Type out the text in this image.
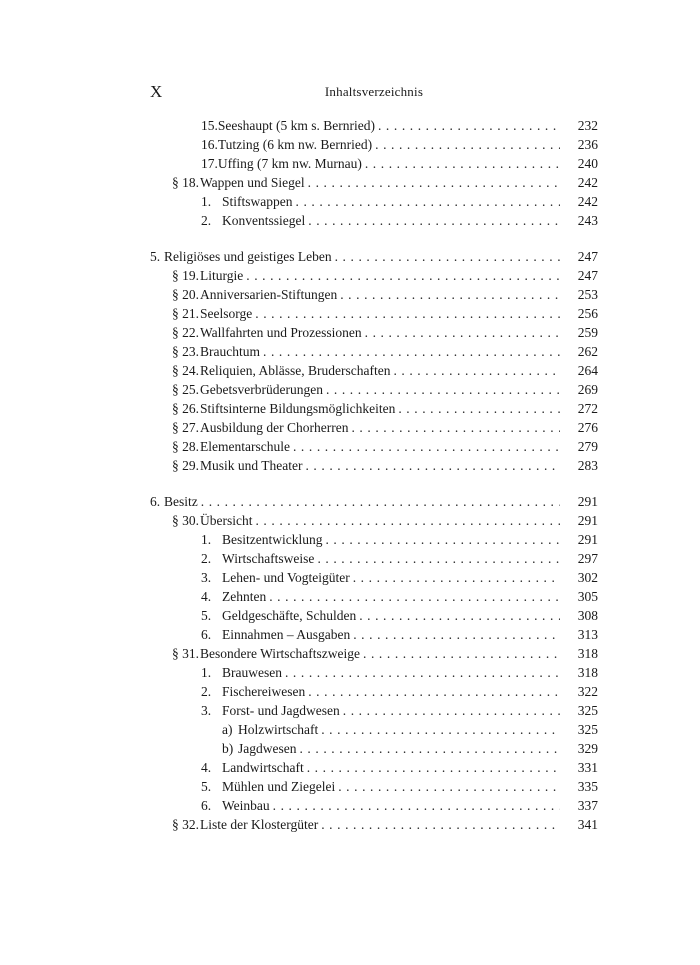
X	Inhaltsverzeichnis
15. Seeshaupt (5 km s. Bernried) . . .	232
16. Tutzing (6 km nw. Bernried) . . .	236
17. Uffing (7 km nw. Murnau) . . .	240
§ 18. Wappen und Siegel . . .	242
1. Stiftswappen . . .	242
2. Konventssiegel . . .	243
5. Religiöses und geistiges Leben . . .	247
§ 19. Liturgie . . .	247
§ 20. Anniversarien-Stiftungen . . .	253
§ 21. Seelsorge . . .	256
§ 22. Wallfahrten und Prozessionen . . .	259
§ 23. Brauchtum . . .	262
§ 24. Reliquien, Ablässe, Bruderschaften . . .	264
§ 25. Gebetsverbrüderungen . . .	269
§ 26. Stiftsinterne Bildungsmöglichkeiten . . .	272
§ 27. Ausbildung der Chorherren . . .	276
§ 28. Elementarschule . . .	279
§ 29. Musik und Theater . . .	283
6. Besitz . . .	291
§ 30. Übersicht . . .	291
1. Besitzentwicklung . . .	291
2. Wirtschaftsweise . . .	297
3. Lehen- und Vogteigüter . . .	302
4. Zehnten . . .	305
5. Geldgeschäfte, Schulden . . .	308
6. Einnahmen – Ausgaben . . .	313
§ 31. Besondere Wirtschaftszweige . . .	318
1. Brauwesen . . .	318
2. Fischereiwesen . . .	322
3. Forst- und Jagdwesen . . .	325
a) Holzwirtschaft . . .	325
b) Jagdwesen . . .	329
4. Landwirtschaft . . .	331
5. Mühlen und Ziegelei . . .	335
6. Weinbau . . .	337
§ 32. Liste der Klostergüter . . .	341
